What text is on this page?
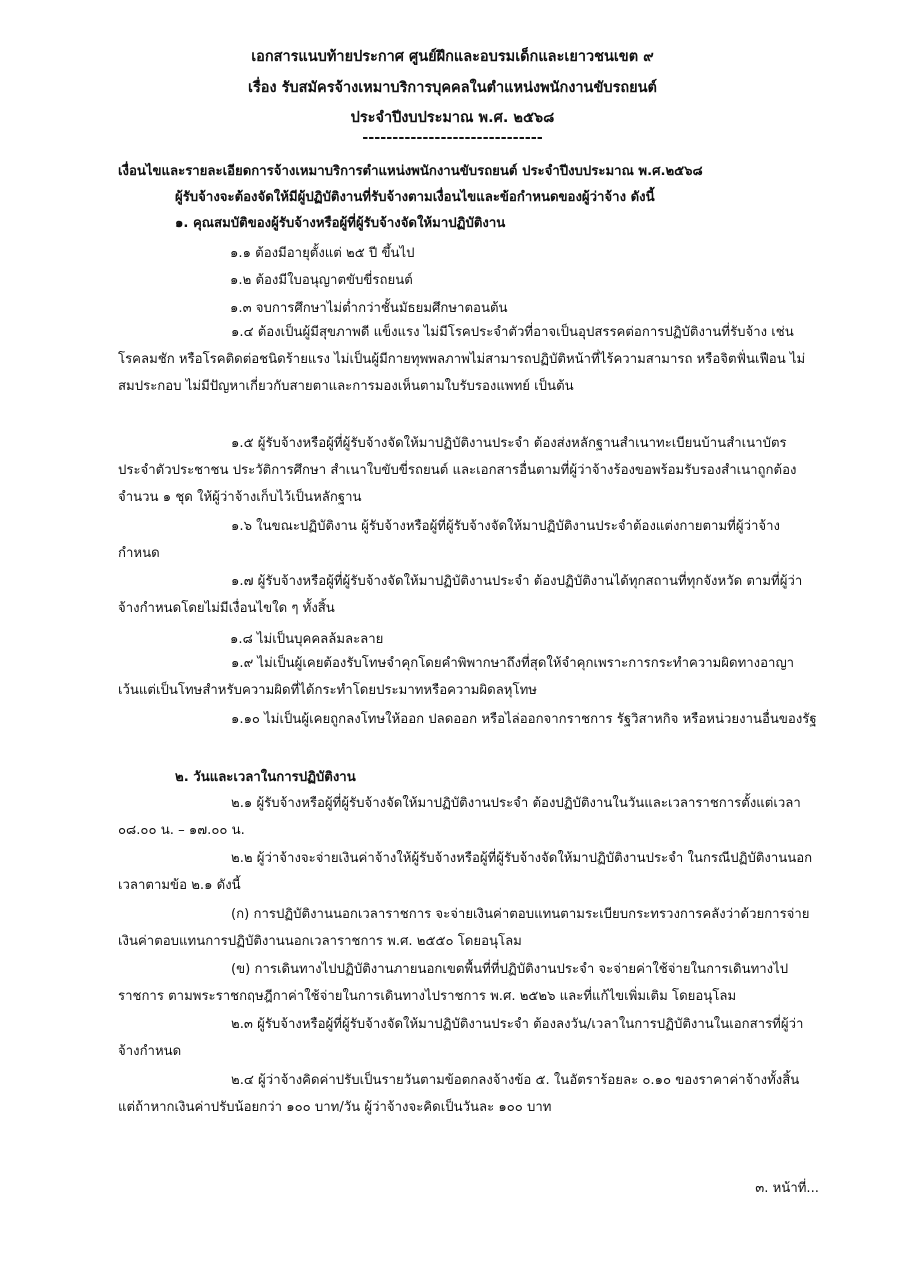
เอกสารแนบท้ายประกาศ ศูนย์ฝึกและอบรมเด็กและเยาวชนเขต ๙
เรื่อง รับสมัครจ้างเหมาบริการบุคคลในตำแหน่งพนักงานขับรถยนต์
ประจำปีงบประมาณ พ.ศ. ๒๕๖๘
------------------------------
เงื่อนไขและรายละเอียดการจ้างเหมาบริการตำแหน่งพนักงานขับรถยนต์ ประจำปีงบประมาณ พ.ศ.๒๕๖๘
ผู้รับจ้างจะต้องจัดให้มีผู้ปฏิบัติงานที่รับจ้างตามเงื่อนไขและข้อกำหนดของผู้ว่าจ้าง ดังนี้
๑. คุณสมบัติของผู้รับจ้างหรือผู้ที่ผู้รับจ้างจัดให้มาปฏิบัติงาน
๑.๑ ต้องมีอายุตั้งแต่ ๒๕ ปี ขึ้นไป
๑.๒ ต้องมีใบอนุญาตขับขี่รถยนต์
๑.๓ จบการศึกษาไม่ต่ำกว่าชั้นมัธยมศึกษาตอนต้น

๑.๔ ต้องเป็นผู้มีสุขภาพดี แข็งแรง ไม่มีโรคประจำตัวที่อาจเป็นอุปสรรคต่อการปฏิบัติงานที่รับจ้าง เช่น โรคลมชัก หรือโรคติดต่อชนิดร้ายแรง ไม่เป็นผู้มีกายทุพพลภาพไม่สามารถปฏิบัติหน้าที่ไร้ความสามารถ หรือจิตฟั่นเฟือน ไม่สมประกอบ ไม่มีปัญหาเกี่ยวกับสายตาและการมองเห็นตามใบรับรองแพทย์ เป็นต้น

๑.๕ ผู้รับจ้างหรือผู้ที่ผู้รับจ้างจัดให้มาปฏิบัติงานประจำ ต้องส่งหลักฐานสำเนาทะเบียนบ้านสำเนาบัตรประจำตัวประชาชน ประวัติการศึกษา สำเนาใบขับขี่รถยนต์ และเอกสารอื่นตามที่ผู้ว่าจ้างร้องขอพร้อมรับรองสำเนาถูกต้อง จำนวน ๑ ชุด ให้ผู้ว่าจ้างเก็บไว้เป็นหลักฐาน

๑.๖ ในขณะปฏิบัติงาน ผู้รับจ้างหรือผู้ที่ผู้รับจ้างจัดให้มาปฏิบัติงานประจำต้องแต่งกายตามที่ผู้ว่าจ้างกำหนด

๑.๗ ผู้รับจ้างหรือผู้ที่ผู้รับจ้างจัดให้มาปฏิบัติงานประจำ ต้องปฏิบัติงานได้ทุกสถานที่ทุกจังหวัด ตามที่ผู้ว่าจ้างกำหนดโดยไม่มีเงื่อนไขใด ๆ ทั้งสิ้น

๑.๘ ไม่เป็นบุคคลล้มละลาย

๑.๙ ไม่เป็นผู้เคยต้องรับโทษจำคุกโดยคำพิพากษาถึงที่สุดให้จำคุกเพราะการกระทำความผิดทางอาญา เว้นแต่เป็นโทษสำหรับความผิดที่ได้กระทำโดยประมาทหรือความผิดลหุโทษ

๑.๑๐ ไม่เป็นผู้เคยถูกลงโทษให้ออก ปลดออก หรือไล่ออกจากราชการ รัฐวิสาหกิจ หรือหน่วยงานอื่นของรัฐ

๒. วันและเวลาในการปฏิบัติงาน

๒.๑ ผู้รับจ้างหรือผู้ที่ผู้รับจ้างจัดให้มาปฏิบัติงานประจำ ต้องปฏิบัติงานในวันและเวลาราชการตั้งแต่เวลา ๐๘.๐๐ น. – ๑๗.๐๐ น.

๒.๒ ผู้ว่าจ้างจะจ่ายเงินค่าจ้างให้ผู้รับจ้างหรือผู้ที่ผู้รับจ้างจัดให้มาปฏิบัติงานประจำ ในกรณีปฏิบัติงานนอกเวลาตามข้อ ๒.๑ ดังนี้

(ก) การปฏิบัติงานนอกเวลาราชการ จะจ่ายเงินค่าตอบแทนตามระเบียบกระทรวงการคลังว่าด้วยการจ่ายเงินค่าตอบแทนการปฏิบัติงานนอกเวลาราชการ พ.ศ. ๒๕๕๐ โดยอนุโลม

(ข) การเดินทางไปปฏิบัติงานภายนอกเขตพื้นที่ที่ปฏิบัติงานประจำ จะจ่ายค่าใช้จ่ายในการเดินทางไปราชการ ตามพระราชกฤษฎีกาค่าใช้จ่ายในการเดินทางไปราชการ พ.ศ. ๒๕๒๖ และที่แก้ไขเพิ่มเติม โดยอนุโลม

๒.๓ ผู้รับจ้างหรือผู้ที่ผู้รับจ้างจัดให้มาปฏิบัติงานประจำ ต้องลงวัน/เวลาในการปฏิบัติงานในเอกสารที่ผู้ว่าจ้างกำหนด

๒.๔ ผู้ว่าจ้างคิดค่าปรับเป็นรายวันตามข้อตกลงจ้างข้อ ๕. ในอัตราร้อยละ ๐.๑๐ ของราคาค่าจ้างทั้งสิ้น แต่ถ้าหากเงินค่าปรับน้อยกว่า ๑๐๐ บาท/วัน ผู้ว่าจ้างจะคิดเป็นวันละ ๑๐๐ บาท

๓. หน้าที่...
